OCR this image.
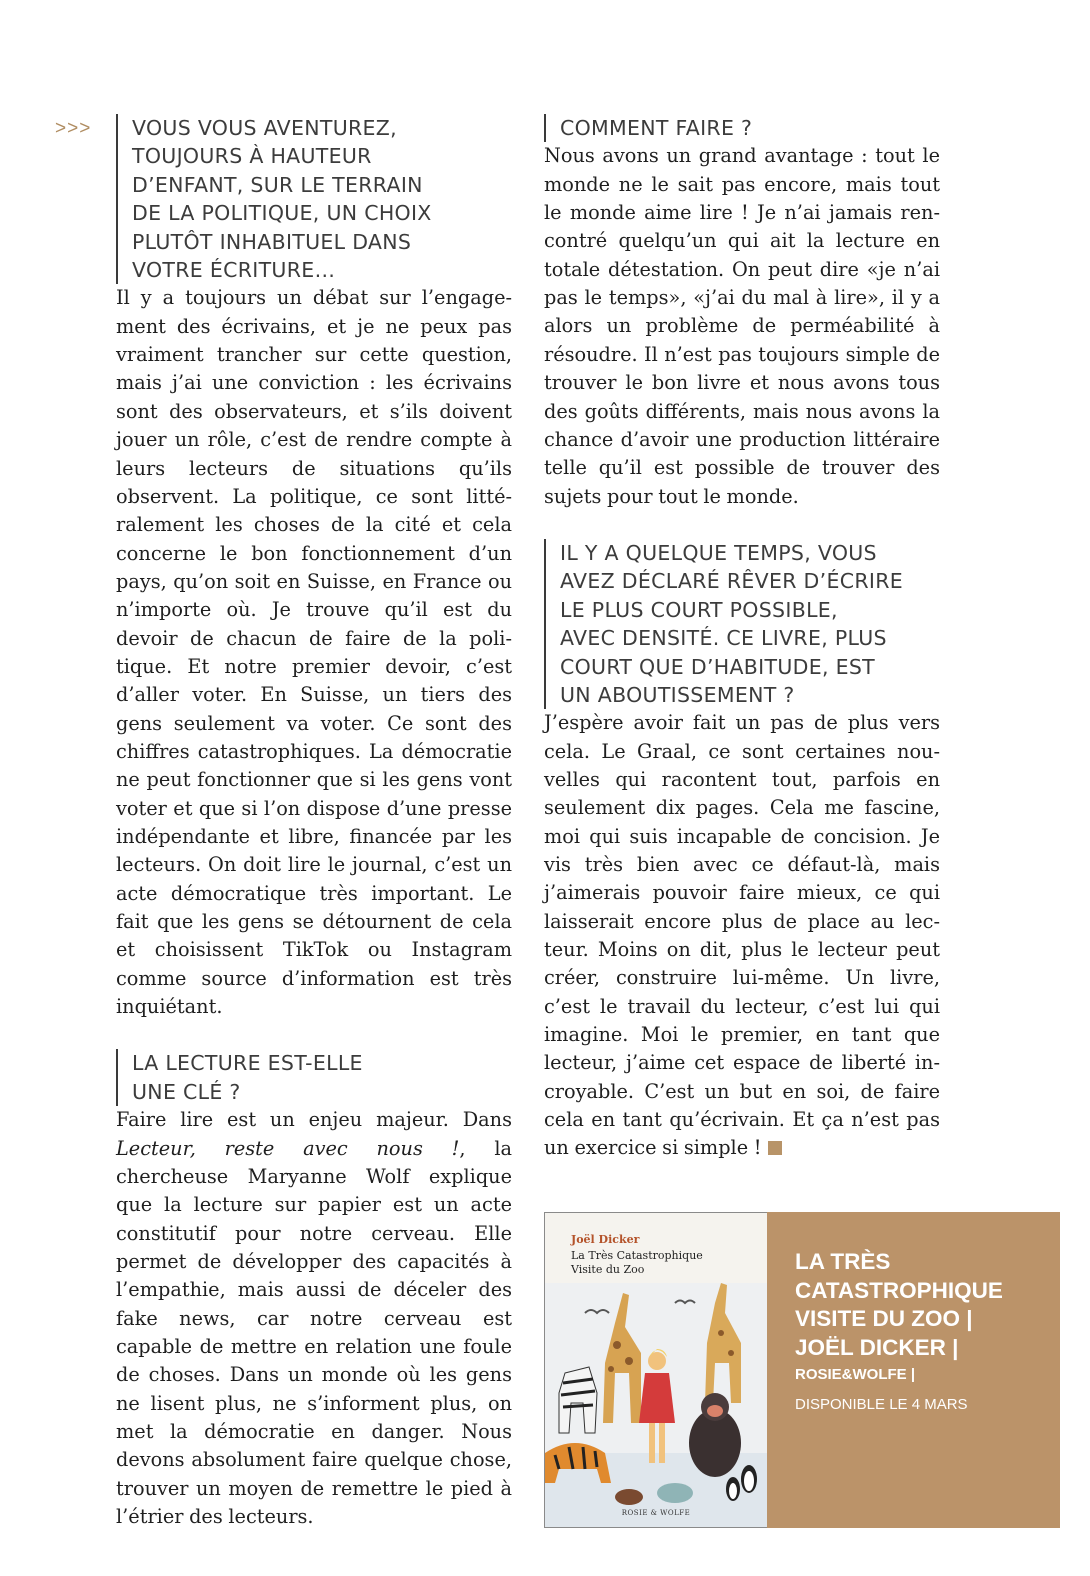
>>> VOUS VOUS AVENTUREZ,
TOUJOURS À HAUTEUR
D’ENFANT, SUR LE TERRAIN
DE LA POLITIQUE, UN CHOIX
PLUTÔT INHABITUEL DANS
VOTRE ÉCRITURE…

Il y a toujours un débat sur l’engagement des écrivains, et je ne peux pas vraiment trancher sur cette question, mais j’ai une conviction : les écrivains sont des observateurs, et s’ils doivent jouer un rôle, c’est de rendre compte à leurs lecteurs de situations qu’ils observent. La politique, ce sont littéralement les choses de la cité et cela concerne le bon fonctionnement d’un pays, qu’on soit en Suisse, en France ou n’importe où. Je trouve qu’il est du devoir de chacun de faire de la politique. Et notre premier devoir, c’est d’aller voter. En Suisse, un tiers des gens seulement va voter. Ce sont des chiffres catastrophiques. La démocratie ne peut fonctionner que si les gens vont voter et que si l’on dispose d’une presse indépendante et libre, financée par les lecteurs. On doit lire le journal, c’est un acte démocratique très important. Le fait que les gens se détournent de cela et choisissent TikTok ou Instagram comme source d’information est très inquiétant.

LA LECTURE EST-ELLE
UNE CLÉ ?

Faire lire est un enjeu majeur. Dans Lecteur, reste avec nous !, la chercheuse Maryanne Wolf explique que la lecture sur papier est un acte constitutif pour notre cerveau. Elle permet de développer des capacités à l’empathie, mais aussi de déceler des fake news, car notre cerveau est capable de mettre en relation une foule de choses. Dans un monde où les gens ne lisent plus, ne s’informent plus, on met la démocratie en danger. Nous devons absolument faire quelque chose, trouver un moyen de remettre le pied à l’étrier des lecteurs.

COMMENT FAIRE ?

Nous avons un grand avantage : tout le monde ne le sait pas encore, mais tout le monde aime lire ! Je n’ai jamais rencontré quelqu’un qui ait la lecture en totale détestation. On peut dire «je n’ai pas le temps», «j’ai du mal à lire», il y a alors un problème de perméabilité à résoudre. Il n’est pas toujours simple de trouver le bon livre et nous avons tous des goûts différents, mais nous avons la chance d’avoir une production littéraire telle qu’il est possible de trouver des sujets pour tout le monde.

IL Y A QUELQUE TEMPS, VOUS
AVEZ DÉCLARÉ RÊVER D’ÉCRIRE
LE PLUS COURT POSSIBLE,
AVEC DENSITÉ. CE LIVRE, PLUS
COURT QUE D’HABITUDE, EST
UN ABOUTISSEMENT ?

J’espère avoir fait un pas de plus vers cela. Le Graal, ce sont certaines nouvelles qui racontent tout, parfois en seulement dix pages. Cela me fascine, moi qui suis incapable de concision. Je vis très bien avec ce défaut-là, mais j’aimerais pouvoir faire mieux, ce qui laisserait encore plus de place au lecteur. Moins on dit, plus le lecteur peut créer, construire lui-même. Un livre, c’est le travail du lecteur, c’est lui qui imagine. Moi le premier, en tant que lecteur, j’aime cet espace de liberté incroyable. C’est un but en soi, de faire cela en tant qu’écrivain. Et ça n’est pas un exercice si simple !

Joël Dicker
La Très Catastrophique
Visite du Zoo
ROSIE & WOLFE
LA TRÈS
CATASTROPHIQUE
VISITE DU ZOO |
JOËL DICKER |
ROSIE&WOLFE |
DISPONIBLE LE 4 MARS
